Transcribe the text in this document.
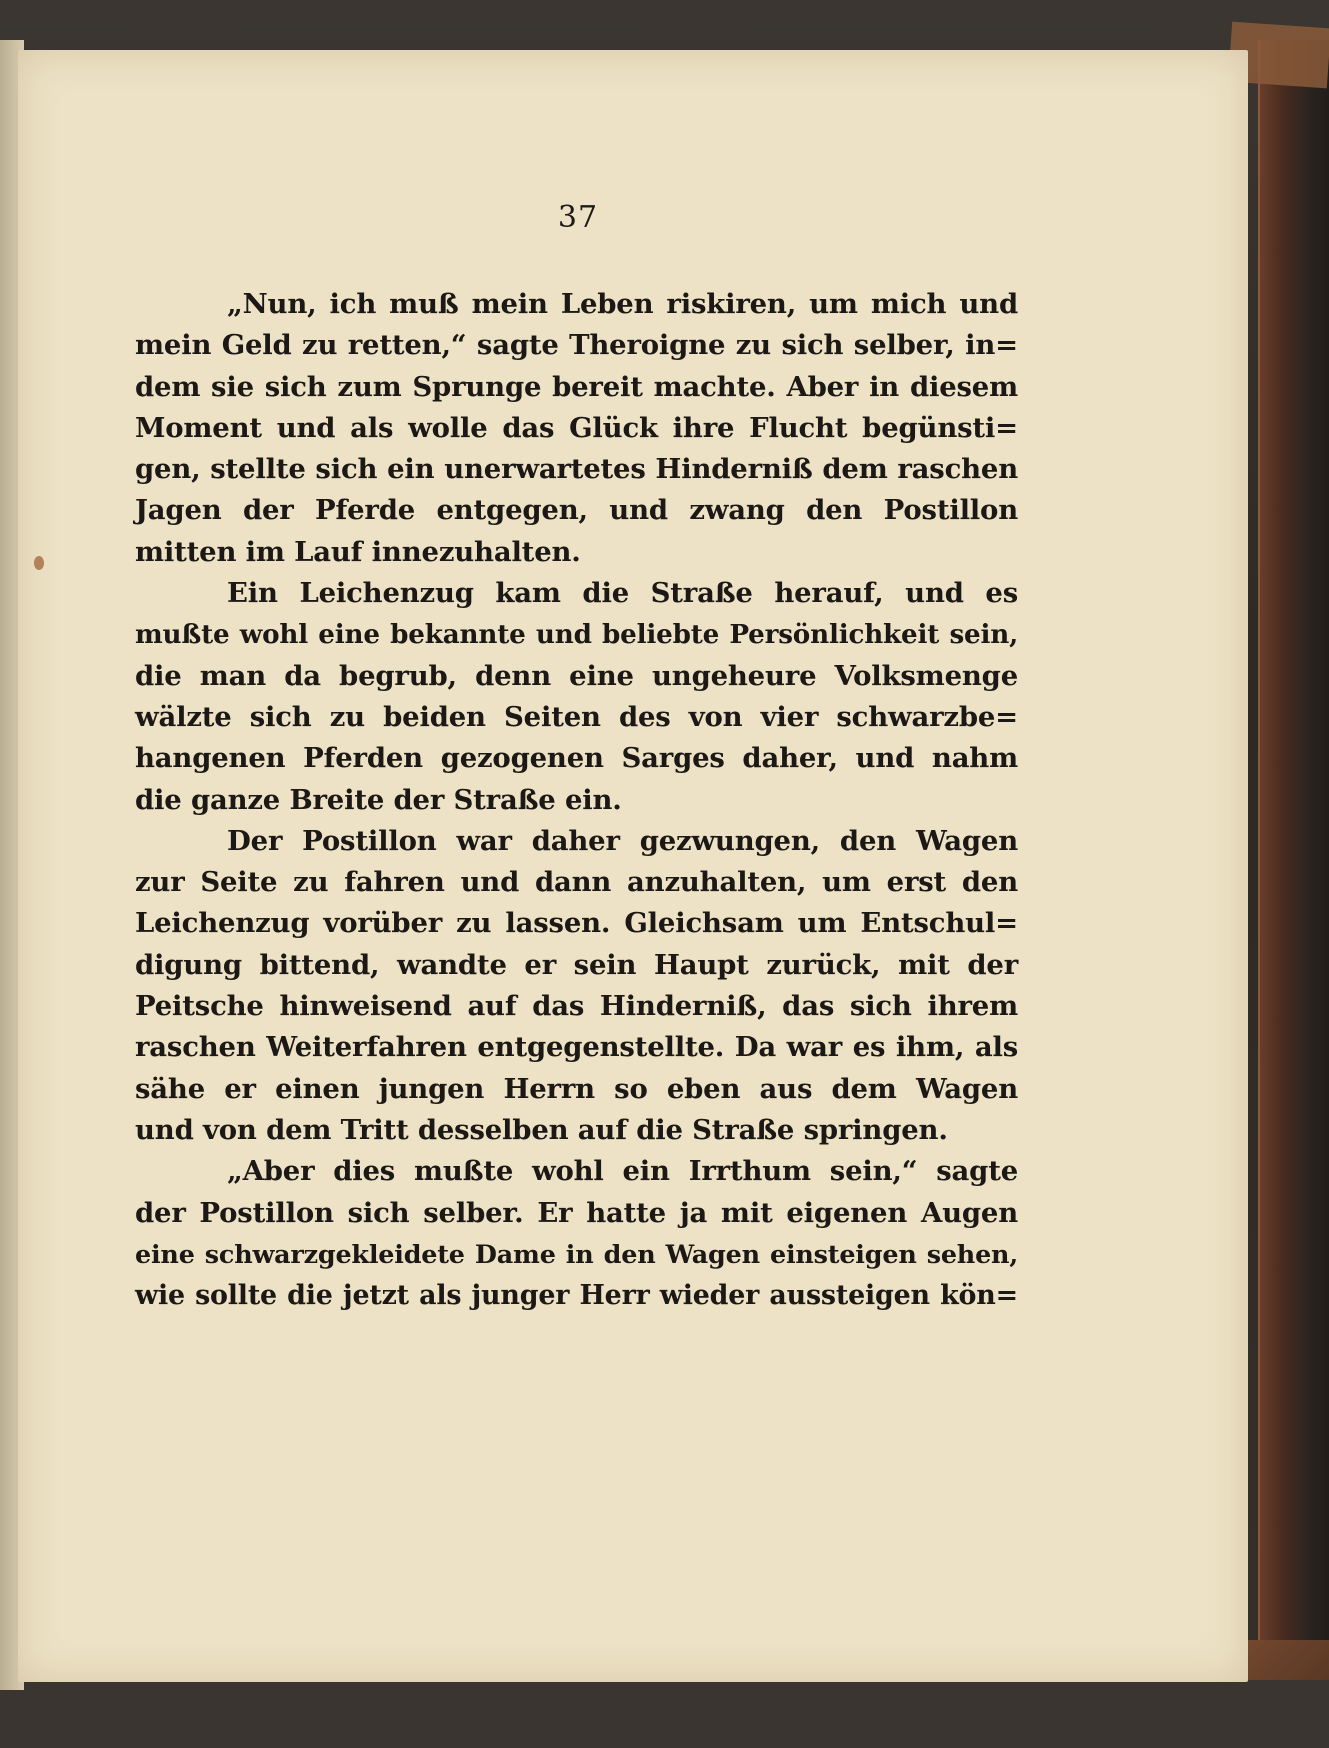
37
„Nun, ich muß mein Leben riskiren, um mich und
mein Geld zu retten,“ sagte Theroigne zu sich selber, in=
dem sie sich zum Sprunge bereit machte. Aber in diesem
Moment und als wolle das Glück ihre Flucht begünsti=
gen, stellte sich ein unerwartetes Hinderniß dem raschen
Jagen der Pferde entgegen, und zwang den Postillon
mitten im Lauf innezuhalten.
Ein Leichenzug kam die Straße herauf, und es
mußte wohl eine bekannte und beliebte Persönlichkeit sein,
die man da begrub, denn eine ungeheure Volksmenge
wälzte sich zu beiden Seiten des von vier schwarzbe=
hangenen Pferden gezogenen Sarges daher, und nahm
die ganze Breite der Straße ein.
Der Postillon war daher gezwungen, den Wagen
zur Seite zu fahren und dann anzuhalten, um erst den
Leichenzug vorüber zu lassen. Gleichsam um Entschul=
digung bittend, wandte er sein Haupt zurück, mit der
Peitsche hinweisend auf das Hinderniß, das sich ihrem
raschen Weiterfahren entgegenstellte. Da war es ihm, als
sähe er einen jungen Herrn so eben aus dem Wagen
und von dem Tritt desselben auf die Straße springen.
„Aber dies mußte wohl ein Irrthum sein,“ sagte
der Postillon sich selber. Er hatte ja mit eigenen Augen
eine schwarzgekleidete Dame in den Wagen einsteigen sehen,
wie sollte die jetzt als junger Herr wieder aussteigen kön=
